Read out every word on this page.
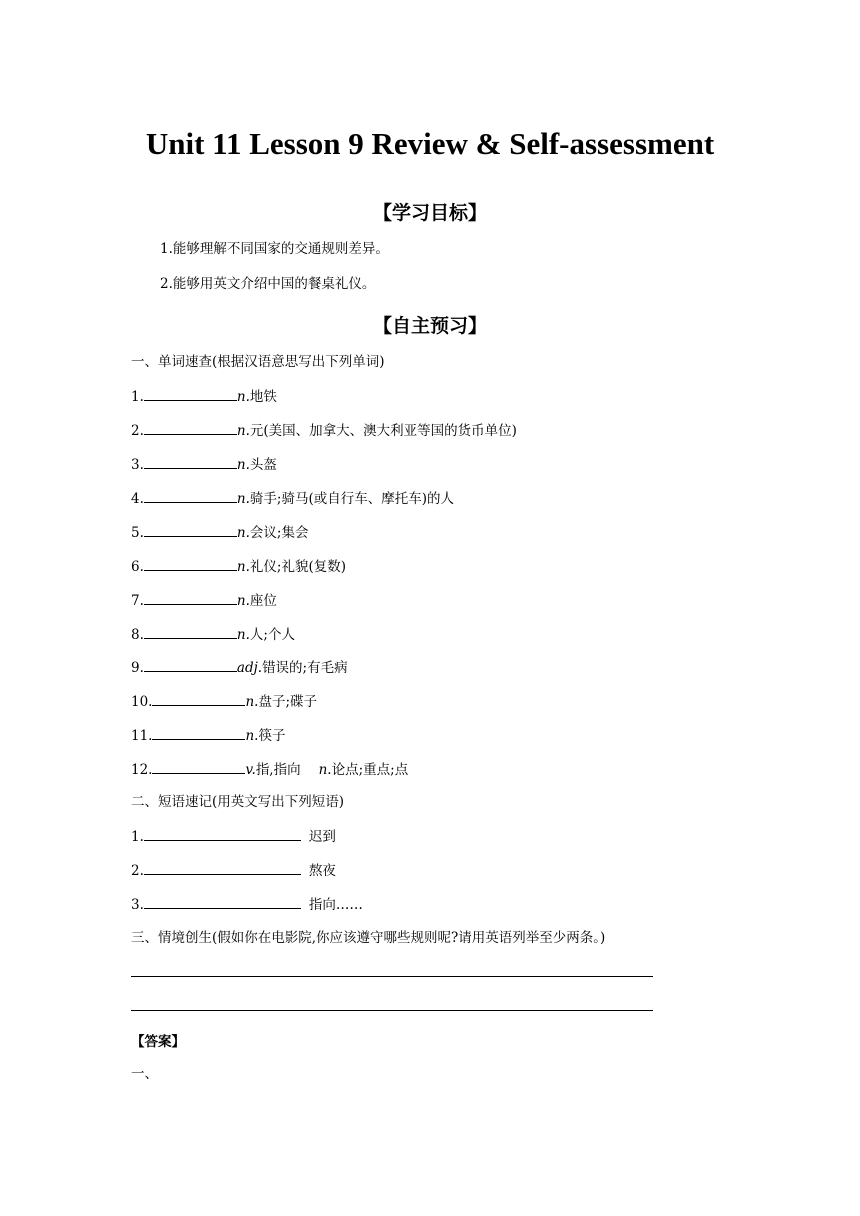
Unit 11 Lesson 9 Review & Self-assessment
【学习目标】
1.能够理解不同国家的交通规则差异。
2.能够用英文介绍中国的餐桌礼仪。
【自主预习】
一、单词速查(根据汉语意思写出下列单词)
1.	n.地铁
2.	n.元(美国、加拿大、澳大利亚等国的货币单位)
3.	n.头盔
4.	n.骑手;骑马(或自行车、摩托车)的人
5.	n.会议;集会
6.	n.礼仪;礼貌(复数)
7.	n.座位
8.	n.人;个人
9.	adj.错误的;有毛病
10.	n.盘子;碟子
11.	n.筷子
12.	v.指,指向 n.论点;重点;点
二、短语速记(用英文写出下列短语)
1.	迟到
2.	熬夜
3.	指向……
三、情境创生(假如你在电影院,你应该遵守哪些规则呢?请用英语列举至少两条。)
【答案】
一、
